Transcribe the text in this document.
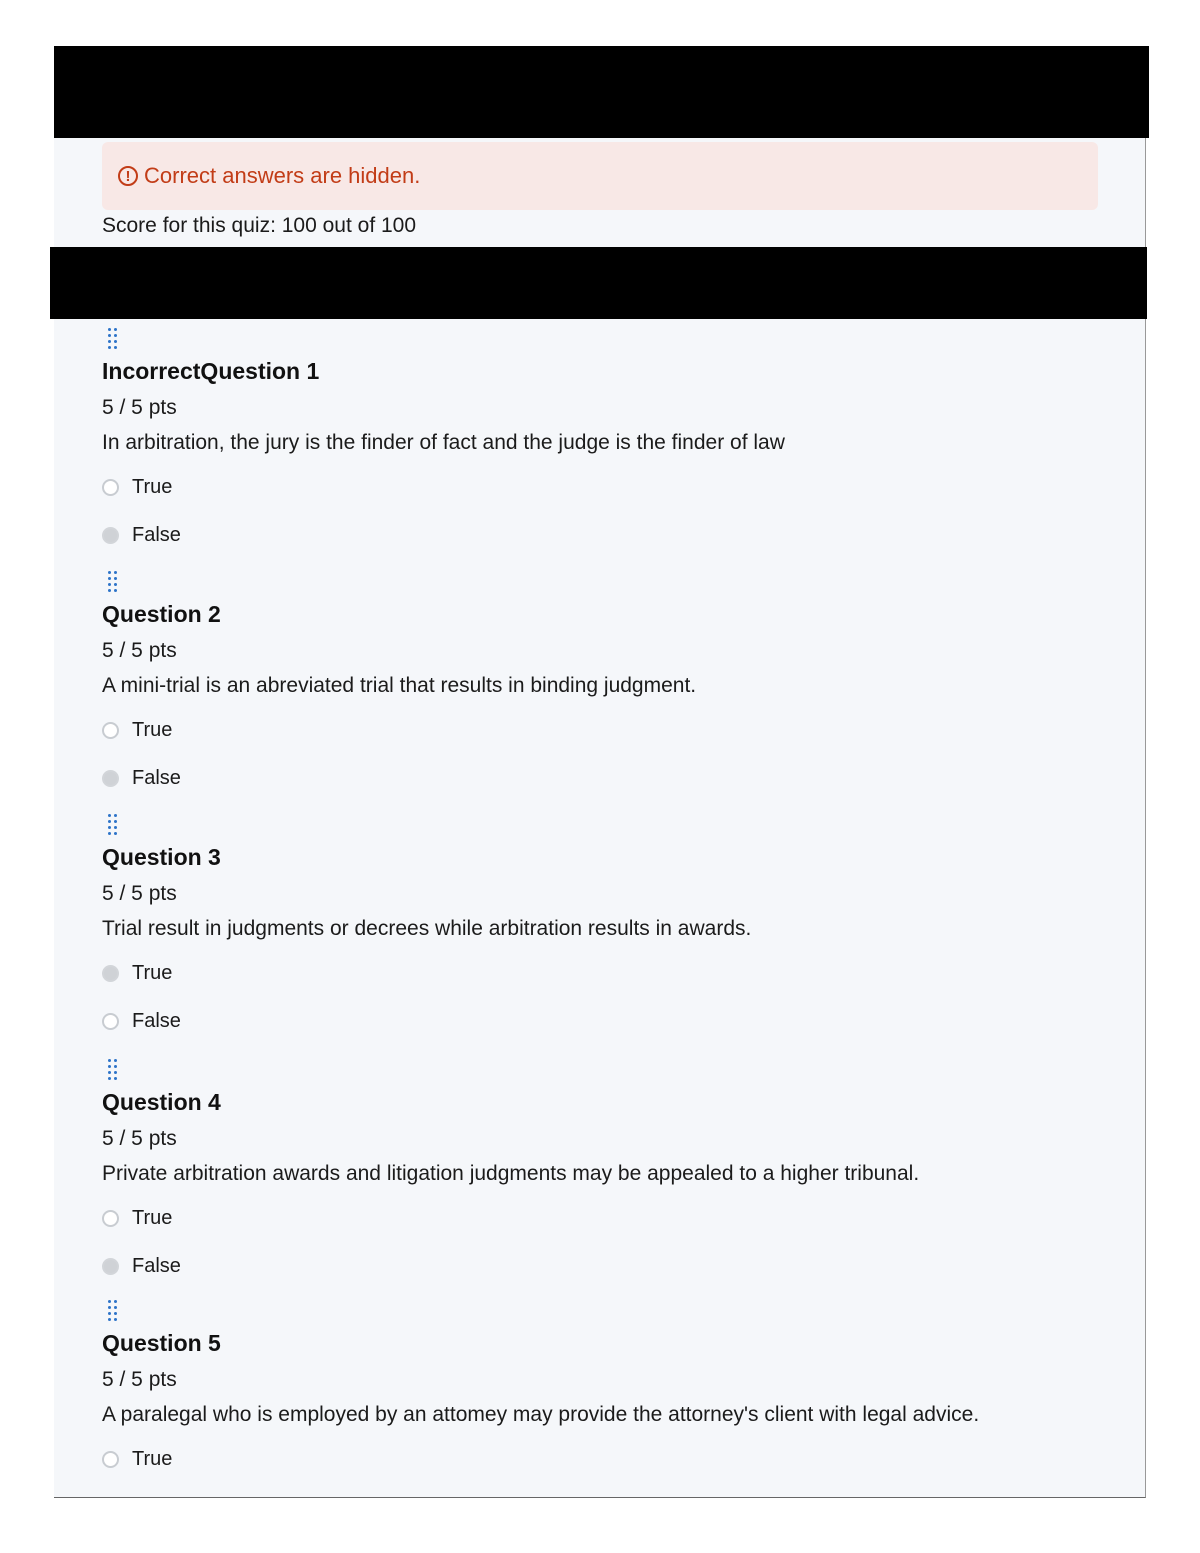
! Correct answers are hidden.
Score for this quiz: 100 out of 100
IncorrectQuestion 1
5 / 5 pts
In arbitration, the jury is the finder of fact and the judge is the finder of law
True
False
Question 2
5 / 5 pts
A mini-trial is an abreviated trial that results in binding judgment.
True
False
Question 3
5 / 5 pts
Trial result in judgments or decrees while arbitration results in awards.
True
False
Question 4
5 / 5 pts
Private arbitration awards and litigation judgments may be appealed to a higher tribunal.
True
False
Question 5
5 / 5 pts
A paralegal who is employed by an attomey may provide the attorney's client with legal advice.
True
